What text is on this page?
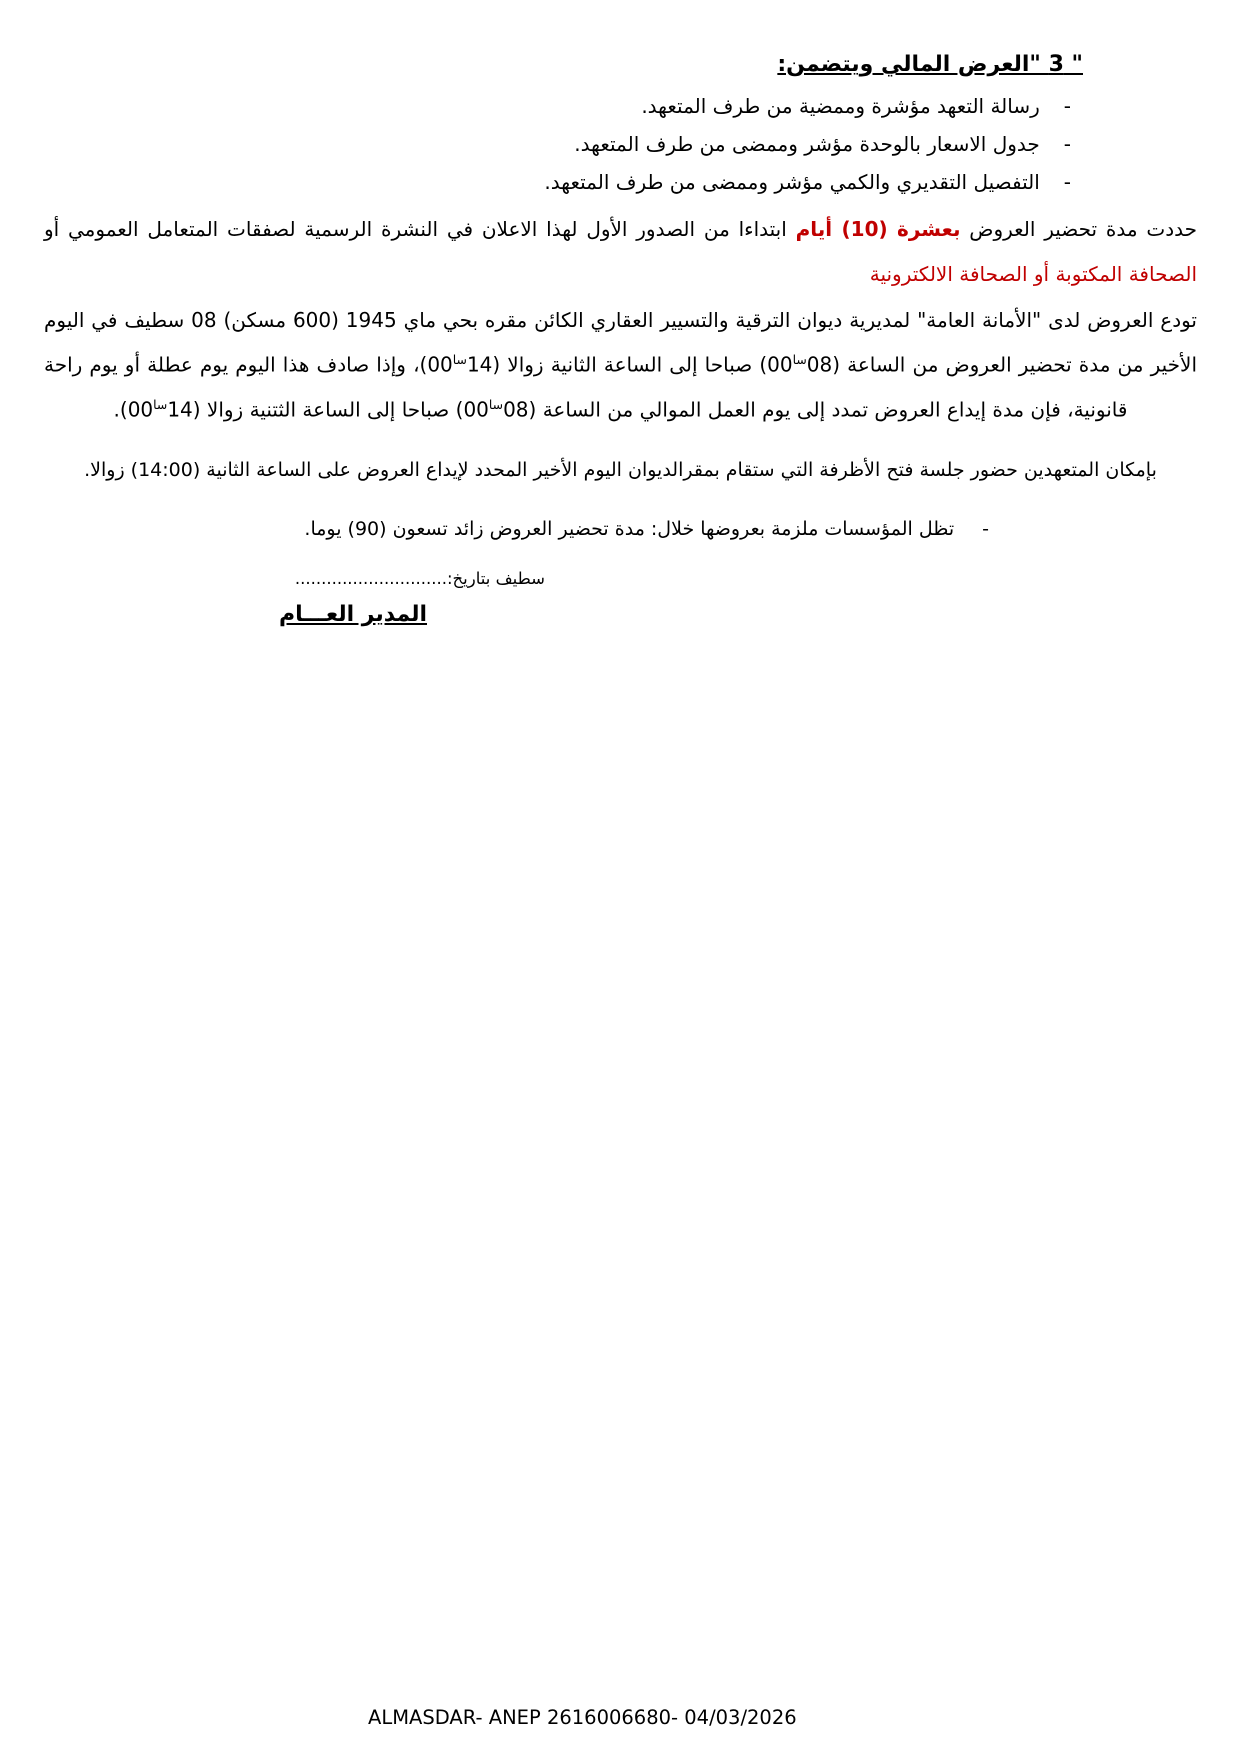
" 3 "العرض المالي ويتضمن:
-
رسالة التعهد مؤشرة وممضية من طرف المتعهد.
-
جدول الاسعار بالوحدة مؤشر وممضى من طرف المتعهد.
-
التفصيل التقديري والكمي مؤشر وممضى من طرف المتعهد.

حددت مدة تحضير العروض بعشرة (10) أيام ابتداءا من الصدور الأول لهذا الاعلان في النشرة الرسمية لصفقات المتعامل العمومي أو الصحافة المكتوبة أو الصحافة الالكترونية

تودع العروض لدى "الأمانة العامة" لمديرية ديوان الترقية والتسيير العقاري الكائن مقره بحي 08 ماي 1945 (600 مسكن) سطيف في اليوم الأخير من مدة تحضير العروض من الساعة $(08^{سا}00)$ صباحا إلى الساعة الثانية زوالا $(14^{سا}00)،$ وإذا صادف هذا اليوم يوم عطلة أو يوم راحة قانونية، فإن مدة إيداع العروض تمدد إلى يوم العمل الموالي من الساعة $(08^{سا}00)$ صباحا إلى الساعة الثتنية زوالا $(14^{سا}00)$.

بإمكان المتعهدين حضور جلسة فتح الأظرفة التي ستقام بمقرالديوان اليوم الأخير المحدد لإيداع العروض على الساعة الثانية (14:00) زوالا.

-
تظل المؤسسات ملزمة بعروضها خلال: مدة تحضير العروض زائد تسعون (90) يوما.
سطيف بتاريخ:.............................
المدير العـــام
ALMASDAR- ANEP 2616006680- 04/03/2026
